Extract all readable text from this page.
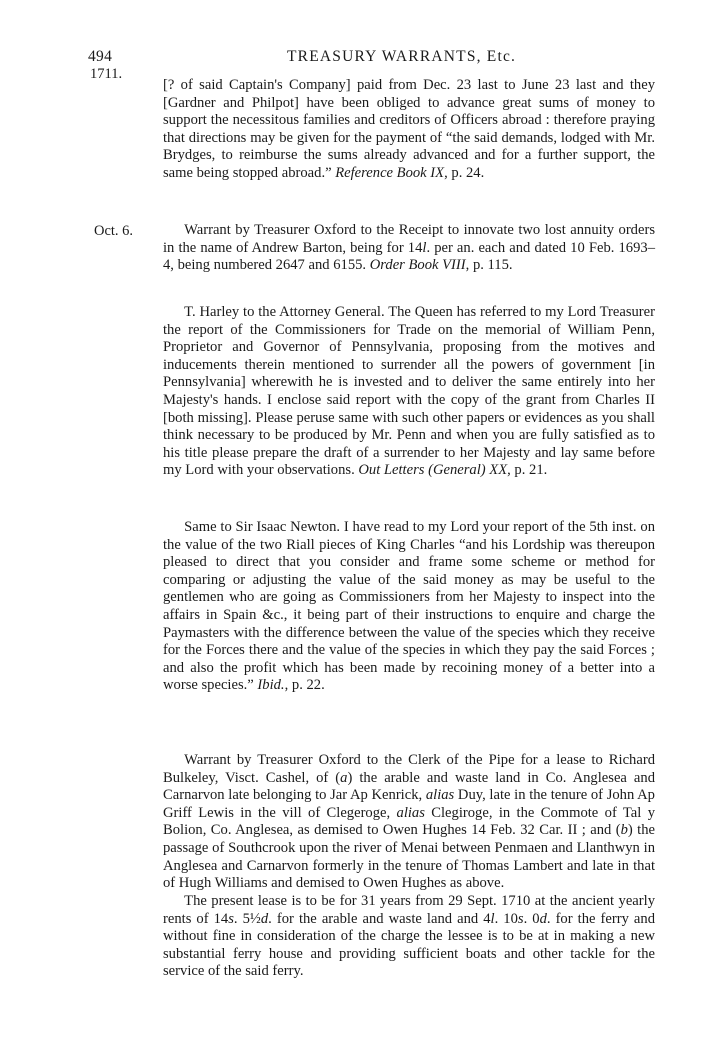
494	TREASURY WARRANTS, Etc.
1711.

[? of said Captain's Company] paid from Dec. 23 last to June 23 last and they [Gardner and Philpot] have been obliged to advance great sums of money to support the necessitous families and creditors of Officers abroad : therefore praying that directions may be given for the payment of “the said demands, lodged with Mr. Brydges, to reimburse the sums already advanced and for a further support, the same being stopped abroad.” Reference Book IX, p. 24.

Oct. 6.	Warrant by Treasurer Oxford to the Receipt to innovate two lost annuity orders in the name of Andrew Barton, being for 14l. per an. each and dated 10 Feb. 1693–4, being numbered 2647 and 6155. Order Book VIII, p. 115.

T. Harley to the Attorney General. The Queen has referred to my Lord Treasurer the report of the Commissioners for Trade on the memorial of William Penn, Proprietor and Governor of Pennsylvania, proposing from the motives and inducements therein mentioned to surrender all the powers of government [in Pennsylvania] wherewith he is invested and to deliver the same entirely into her Majesty's hands. I enclose said report with the copy of the grant from Charles II [both missing]. Please peruse same with such other papers or evidences as you shall think necessary to be produced by Mr. Penn and when you are fully satisfied as to his title please prepare the draft of a surrender to her Majesty and lay same before my Lord with your observations. Out Letters (General) XX, p. 21.

Same to Sir Isaac Newton. I have read to my Lord your report of the 5th inst. on the value of the two Riall pieces of King Charles “and his Lordship was thereupon pleased to direct that you consider and frame some scheme or method for comparing or adjusting the value of the said money as may be useful to the gentlemen who are going as Commissioners from her Majesty to inspect into the affairs in Spain &c., it being part of their instructions to enquire and charge the Paymasters with the difference between the value of the species which they receive for the Forces there and the value of the species in which they pay the said Forces ; and also the profit which has been made by recoining money of a better into a worse species.” Ibid., p. 22.

Warrant by Treasurer Oxford to the Clerk of the Pipe for a lease to Richard Bulkeley, Visct. Cashel, of (a) the arable and waste land in Co. Anglesea and Carnarvon late belonging to Jar Ap Kenrick, alias Duy, late in the tenure of John Ap Griff Lewis in the vill of Clegeroge, alias Clegiroge, in the Commote of Tal y Bolion, Co. Anglesea, as demised to Owen Hughes 14 Feb. 32 Car. II ; and (b) the passage of Southcrook upon the river of Menai between Penmaen and Llanthwyn in Anglesea and Carnarvon formerly in the tenure of Thomas Lambert and late in that of Hugh Williams and demised to Owen Hughes as above.

The present lease is to be for 31 years from 29 Sept. 1710 at the ancient yearly rents of 14s. 5½d. for the arable and waste land and 4l. 10s. 0d. for the ferry and without fine in consideration of the charge the lessee is to be at in making a new substantial ferry house and providing sufficient boats and other tackle for the service of the said ferry.
